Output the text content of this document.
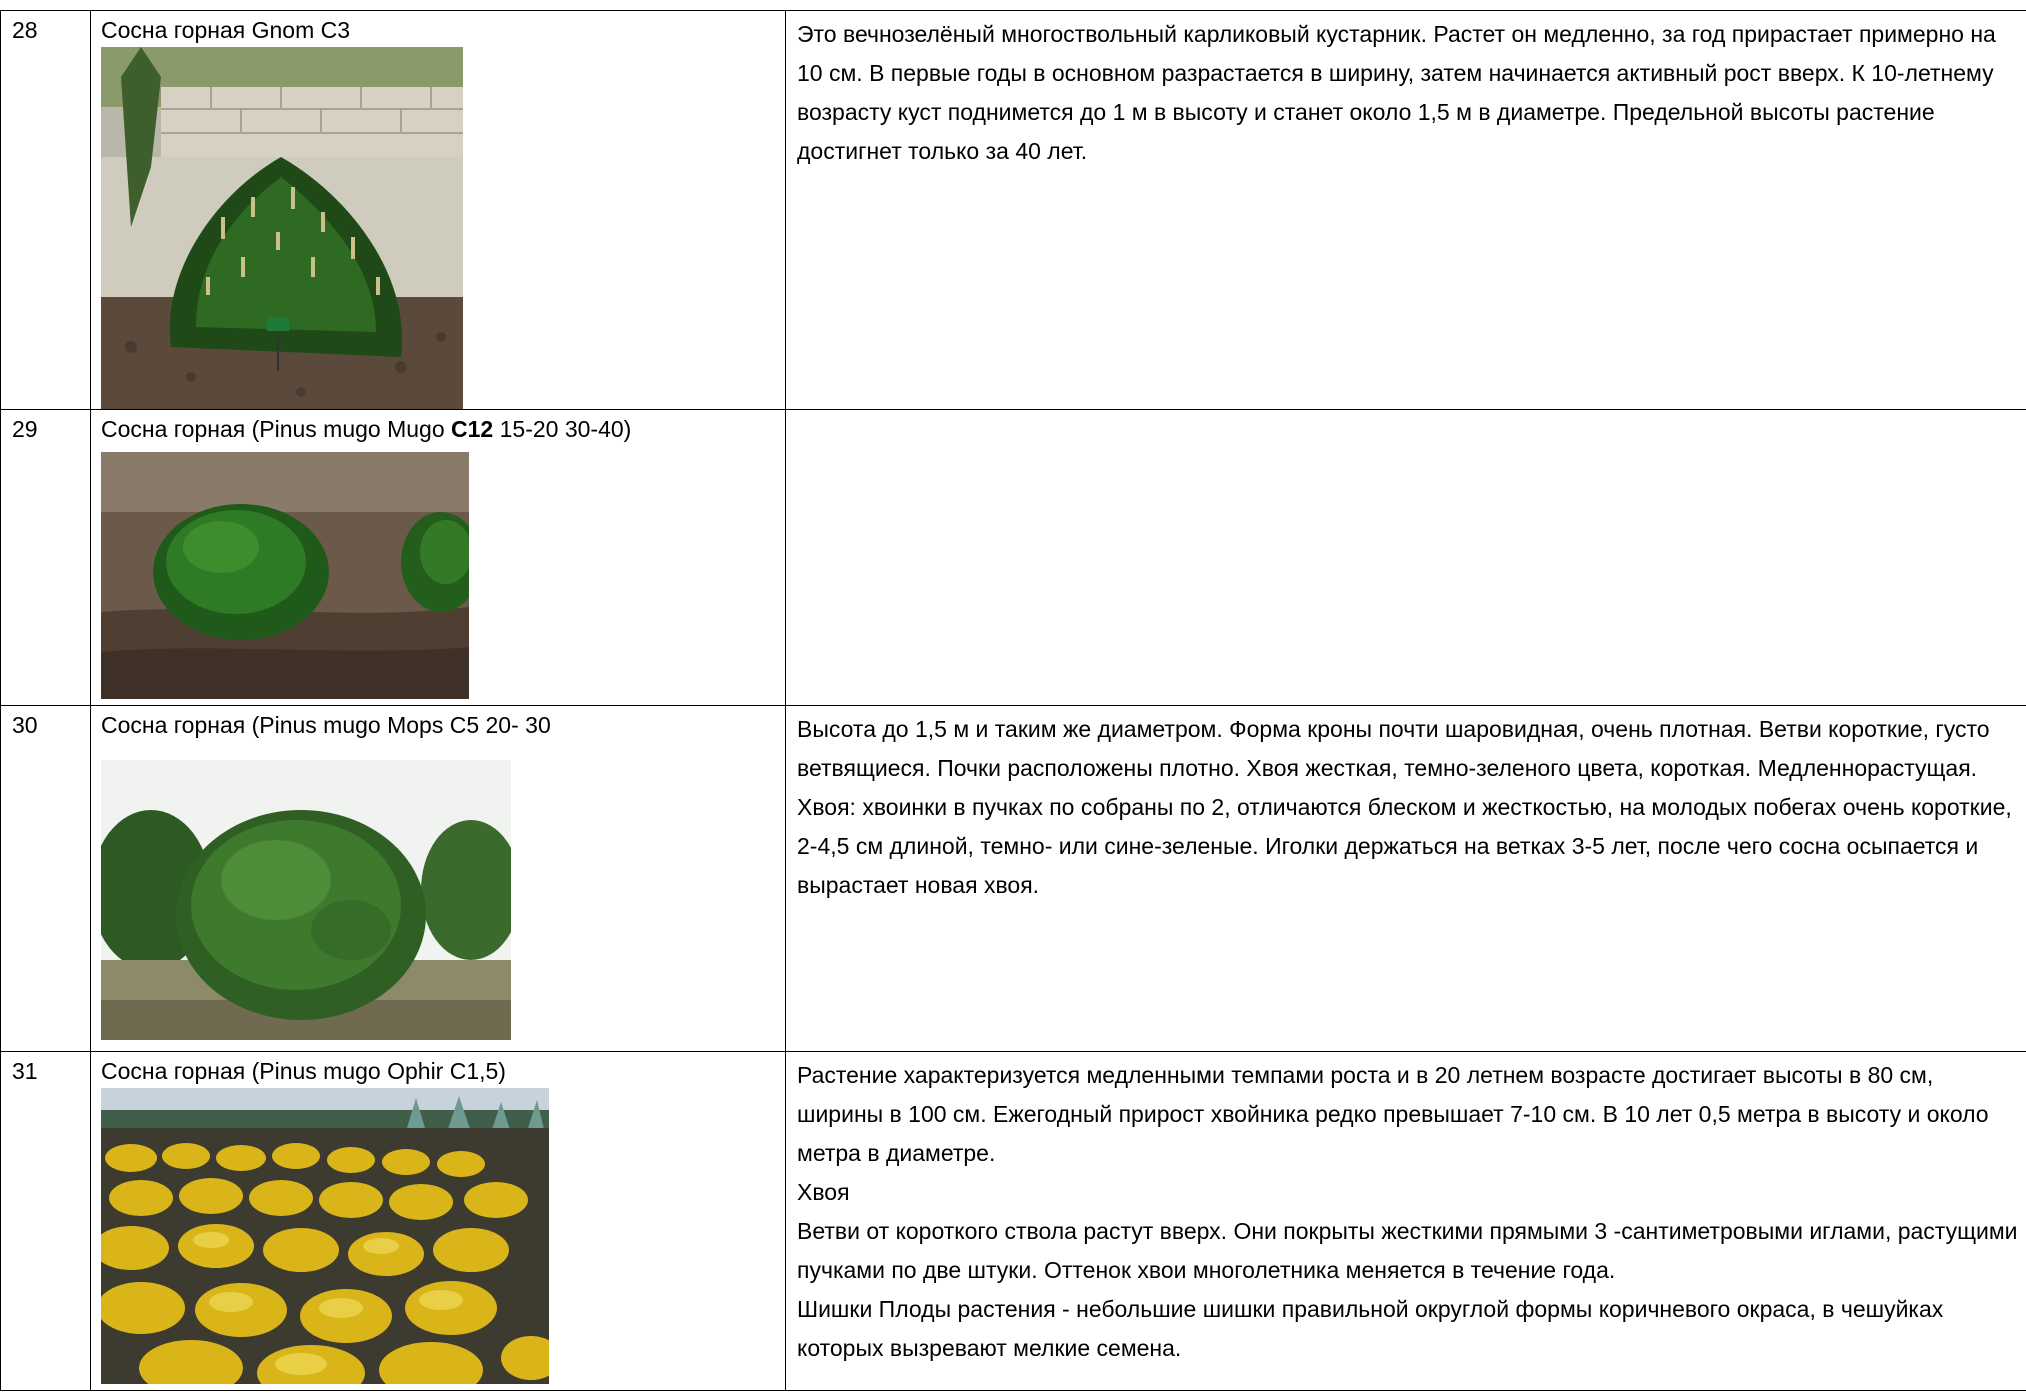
28	Сосна горная Gnom C3	Это вечнозелёный многоствольный карликовый кустарник. Растет он медленно, за год прирастает примерно на 10 см. В первые годы в основном разрастается в ширину, затем начинается активный рост вверх. К 10-летнему возрасту куст поднимется до 1 м в высоту и станет около 1,5 м в диаметре. Предельной высоты растение достигнет только за 40 лет.

29	Сосна горная (Pinus mugo Mugo C12 15-20 30-40)	

30	Сосна горная (Pinus mugo Mops C5 20- 30	Высота до 1,5 м и таким же диаметром. Форма кроны почти шаровидная, очень плотная. Ветви короткие, густо ветвящиеся. Почки расположены плотно. Хвоя жесткая, темно-зеленого цвета, короткая. Медленнорастущая. Хвоя: хвоинки в пучках по собраны по 2, отличаются блеском и жесткостью, на молодых побегах очень короткие, 2-4,5 см длиной, темно- или сине-зеленые. Иголки держаться на ветках 3-5 лет, после чего сосна осыпается и вырастает новая хвоя.

31	Сосна горная (Pinus mugo Ophir C1,5)	Растение характеризуется медленными темпами роста и в 20 летнем возрасте достигает высоты в 80 см, ширины в 100 см. Ежегодный прирост хвойника редко превышает 7-10 см. В 10 лет 0,5 метра в высоту и около метра в диаметре.

Хвоя

Ветви от короткого ствола растут вверх. Они покрыты жесткими прямыми 3 -сантиметровыми иглами, растущими пучками по две штуки. Оттенок хвои многолетника меняется в течение года.

Шишки Плоды растения - небольшие шишки правильной округлой формы коричневого окраса, в чешуйках которых вызревают мелкие семена.
